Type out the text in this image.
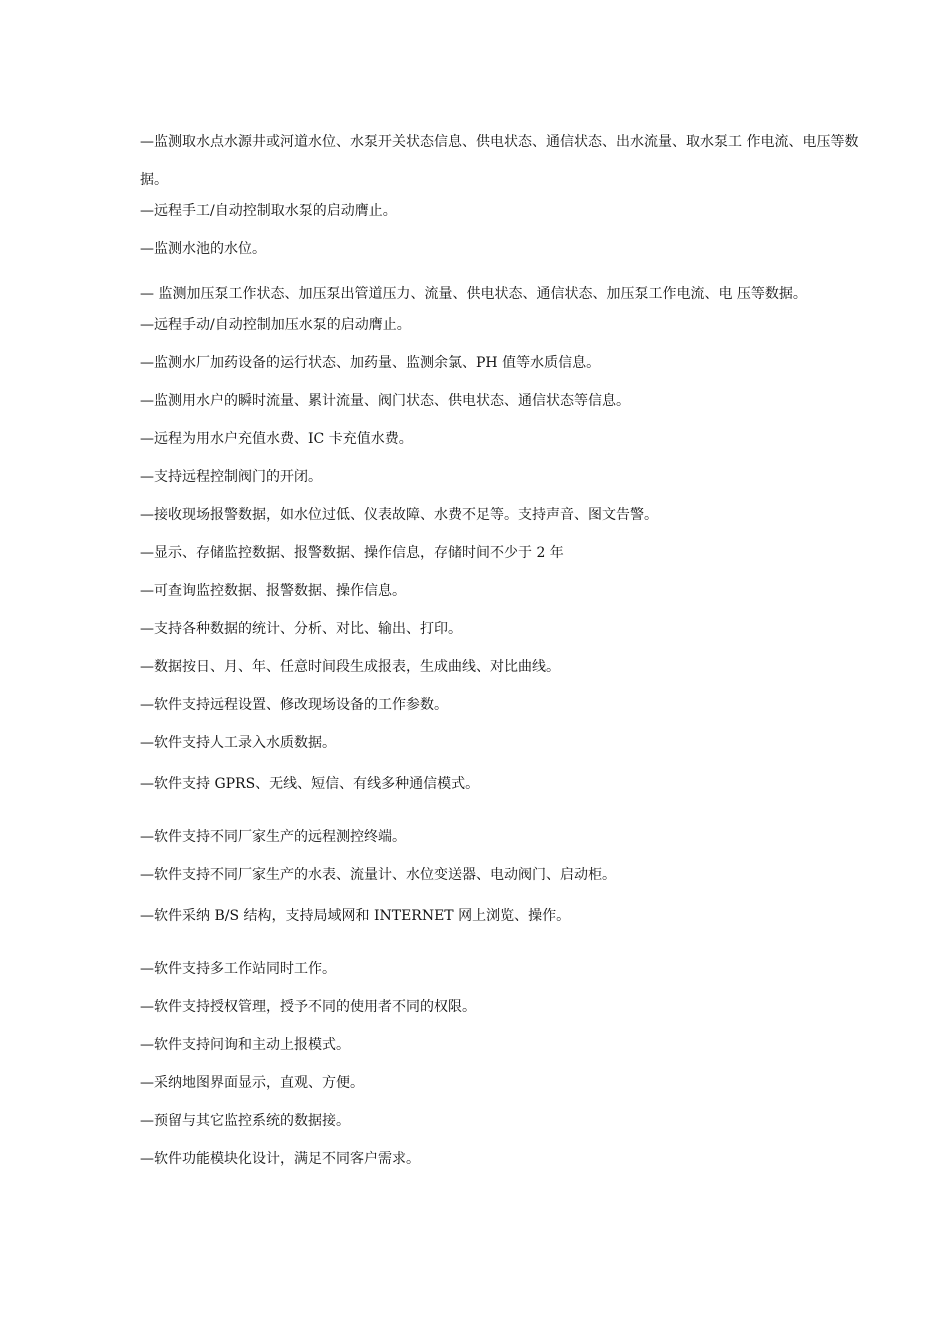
—监测取水点水源井或河道水位、水泵开关状态信息、供电状态、通信状态、出水流量、取水泵工 作电流、电压等数据。

—远程手工/自动控制取水泵的启动膺止。

—监测水池的水位。

— 监测加压泵工作状态、加压泵出管道压力、流量、供电状态、通信状态、加压泵工作电流、电 压等数据。

—远程手动/自动控制加压水泵的启动膺止。

—监测水厂加药设备的运行状态、加药量、监测余氯、PH 值等水质信息。

—监测用水户的瞬时流量、累计流量、阀门状态、供电状态、通信状态等信息。

—远程为用水户充值水费、IC 卡充值水费。

—支持远程控制阀门的开闭。

—接收现场报警数据，如水位过低、仪表故障、水费不足等。支持声音、图文告警。

—显示、存储监控数据、报警数据、操作信息，存储时间不少于 2 年

—可查询监控数据、报警数据、操作信息。

—支持各种数据的统计、分析、对比、输出、打印。

—数据按日、月、年、任意时间段生成报表，生成曲线、对比曲线。

—软件支持远程设置、修改现场设备的工作参数。

—软件支持人工录入水质数据。

—软件支持 GPRS、无线、短信、有线多种通信模式。

—软件支持不同厂家生产的远程测控终端。

—软件支持不同厂家生产的水表、流量计、水位变送器、电动阀门、启动柜。

—软件采纳 B/S 结构，支持局域网和 INTERNET 网上浏览、操作。

—软件支持多工作站同时工作。

—软件支持授权管理，授予不同的使用者不同的权限。

—软件支持问询和主动上报模式。

—采纳地图界面显示，直观、方便。

—预留与其它监控系统的数据接。

—软件功能模块化设计，满足不同客户需求。
